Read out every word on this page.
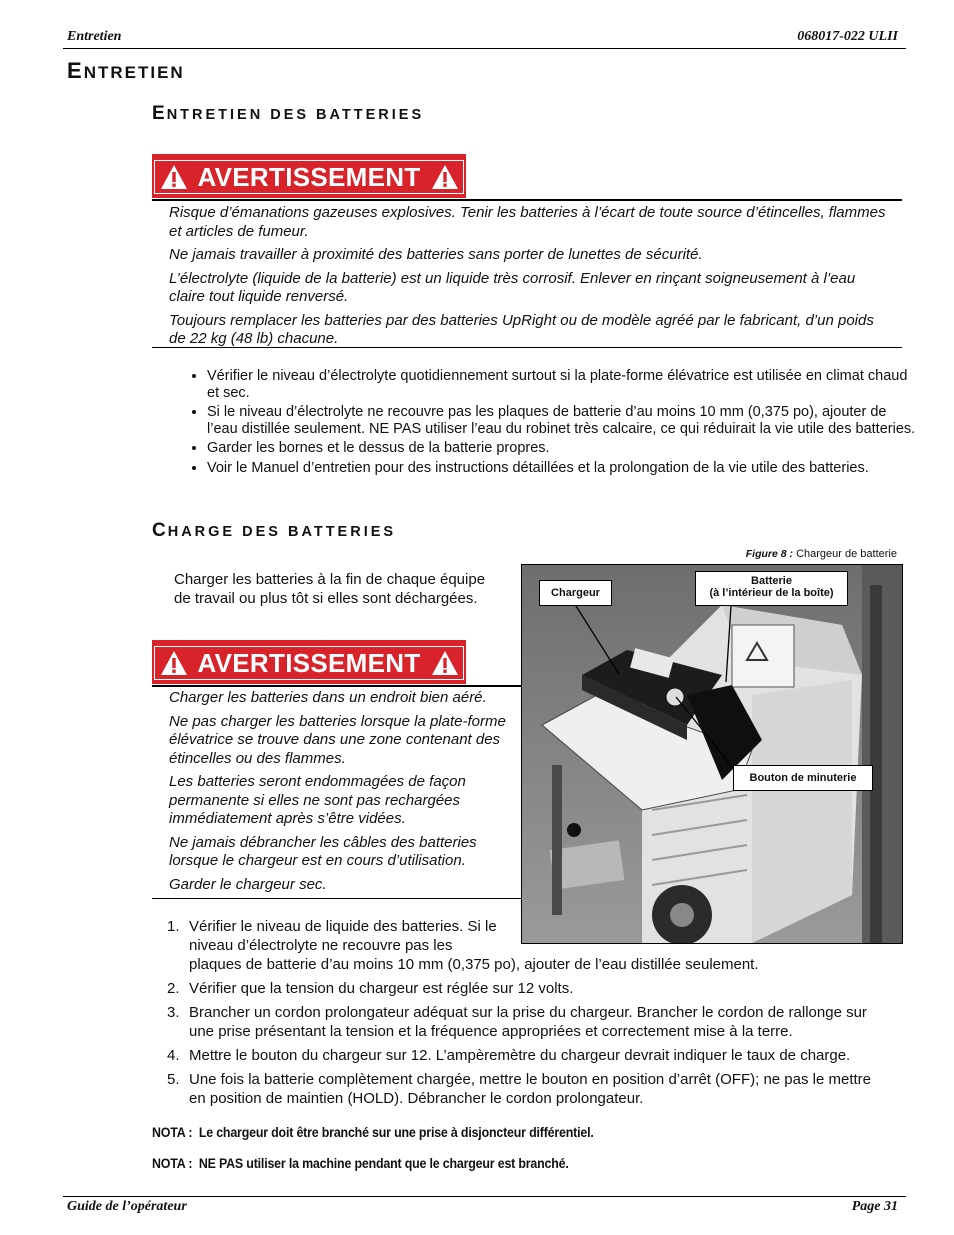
Entretien	068017-022 ULII
ENTRETIEN
ENTRETIEN DES BATTERIES
AVERTISSEMENT

Risque d’émanations gazeuses explosives. Tenir les batteries à l’écart de toute source d’étincelles, flammes et articles de fumeur.

Ne jamais travailler à proximité des batteries sans porter de lunettes de sécurité.

L’électrolyte (liquide de la batterie) est un liquide très corrosif. Enlever en rinçant soigneusement à l’eau claire tout liquide renversé.

Toujours remplacer les batteries par des batteries UpRight ou de modèle agréé par le fabricant, d’un poids de 22 kg (48 lb) chacune.

• Vérifier le niveau d’électrolyte quotidiennement surtout si la plate-forme élévatrice est utilisée en climat chaud et sec.
• Si le niveau d’électrolyte ne recouvre pas les plaques de batterie d’au moins 10 mm (0,375 po), ajouter de l’eau distillée seulement. NE PAS utiliser l’eau du robinet très calcaire, ce qui réduirait la vie utile des batteries.
• Garder les bornes et le dessus de la batterie propres.
• Voir le Manuel d’entretien pour des instructions détaillées et la prolongation de la vie utile des batteries.
CHARGE DES BATTERIES
Figure 8 : Chargeur de batterie
Chargeur
Batterie
(à l’intérieur de la boîte)
Bouton de minuterie
Charger les batteries à la fin de chaque équipe de travail ou plus tôt si elles sont déchargées.
AVERTISSEMENT

Charger les batteries dans un endroit bien aéré.

Ne pas charger les batteries lorsque la plate-forme élévatrice se trouve dans une zone contenant des étincelles ou des flammes.

Les batteries seront endommagées de façon permanente si elles ne sont pas rechargées immédiatement après s’être vidées.

Ne jamais débrancher les câbles des batteries lorsque le chargeur est en cours d’utilisation.

Garder le chargeur sec.

1. Vérifier le niveau de liquide des batteries. Si le
niveau d’électrolyte ne recouvre pas les
plaques de batterie d’au moins 10 mm (0,375 po), ajouter de l’eau distillée seulement.
2. Vérifier que la tension du chargeur est réglée sur 12 volts.
3. Brancher un cordon prolongateur adéquat sur la prise du chargeur. Brancher le cordon de rallonge sur une prise présentant la tension et la fréquence appropriées et correctement mise à la terre.
4. Mettre le bouton du chargeur sur 12. L’ampèremètre du chargeur devrait indiquer le taux de charge.
5. Une fois la batterie complètement chargée, mettre le bouton en position d’arrêt (OFF); ne pas le mettre en position de maintien (HOLD). Débrancher le cordon prolongateur.
NOTA :  Le chargeur doit être branché sur une prise à disjoncteur différentiel.
NOTA :  NE PAS utiliser la machine pendant que le chargeur est branché.
Guide de l’opérateur	Page 31
